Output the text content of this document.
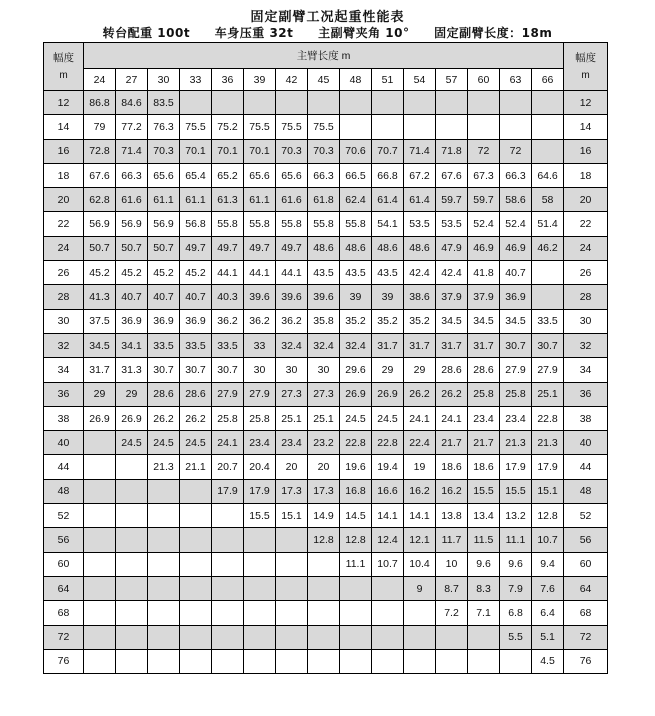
固定副臂工况起重性能表
转台配重 100t 车身压重 32t 主副臂夹角 10° 固定副臂长度：18m
幅度
m	主臂长度 m															幅度
m

	24	27	30	33	36	39	42	45	48	51	54	57	60	63	66	
12	86.8	84.6	83.5													12
14	79	77.2	76.3	75.5	75.2	75.5	75.5	75.5								14
16	72.8	71.4	70.3	70.1	70.1	70.1	70.3	70.3	70.6	70.7	71.4	71.8	72	72		16
18	67.6	66.3	65.6	65.4	65.2	65.6	65.6	66.3	66.5	66.8	67.2	67.6	67.3	66.3	64.6	18
20	62.8	61.6	61.1	61.1	61.3	61.1	61.6	61.8	62.4	61.4	61.4	59.7	59.7	58.6	58	20
22	56.9	56.9	56.9	56.8	55.8	55.8	55.8	55.8	55.8	54.1	53.5	53.5	52.4	52.4	51.4	22
24	50.7	50.7	50.7	49.7	49.7	49.7	49.7	48.6	48.6	48.6	48.6	47.9	46.9	46.9	46.2	24
26	45.2	45.2	45.2	45.2	44.1	44.1	44.1	43.5	43.5	43.5	42.4	42.4	41.8	40.7		26
28	41.3	40.7	40.7	40.7	40.3	39.6	39.6	39.6	39	39	38.6	37.9	37.9	36.9		28
30	37.5	36.9	36.9	36.9	36.2	36.2	36.2	35.8	35.2	35.2	35.2	34.5	34.5	34.5	33.5	30
32	34.5	34.1	33.5	33.5	33.5	33	32.4	32.4	32.4	31.7	31.7	31.7	31.7	30.7	30.7	32
34	31.7	31.3	30.7	30.7	30.7	30	30	30	29.6	29	29	28.6	28.6	27.9	27.9	34
36	29	29	28.6	28.6	27.9	27.9	27.3	27.3	26.9	26.9	26.2	26.2	25.8	25.8	25.1	36
38	26.9	26.9	26.2	26.2	25.8	25.8	25.1	25.1	24.5	24.5	24.1	24.1	23.4	23.4	22.8	38
40		24.5	24.5	24.5	24.1	23.4	23.4	23.2	22.8	22.8	22.4	21.7	21.7	21.3	21.3	40
44			21.3	21.1	20.7	20.4	20	20	19.6	19.4	19	18.6	18.6	17.9	17.9	44
48					17.9	17.9	17.3	17.3	16.8	16.6	16.2	16.2	15.5	15.5	15.1	48
52						15.5	15.1	14.9	14.5	14.1	14.1	13.8	13.4	13.2	12.8	52
56								12.8	12.8	12.4	12.1	11.7	11.5	11.1	10.7	56
60									11.1	10.7	10.4	10	9.6	9.6	9.4	60
64											9	8.7	8.3	7.9	7.6	64
68												7.2	7.1	6.8	6.4	68
72														5.5	5.1	72
76															4.5	76
